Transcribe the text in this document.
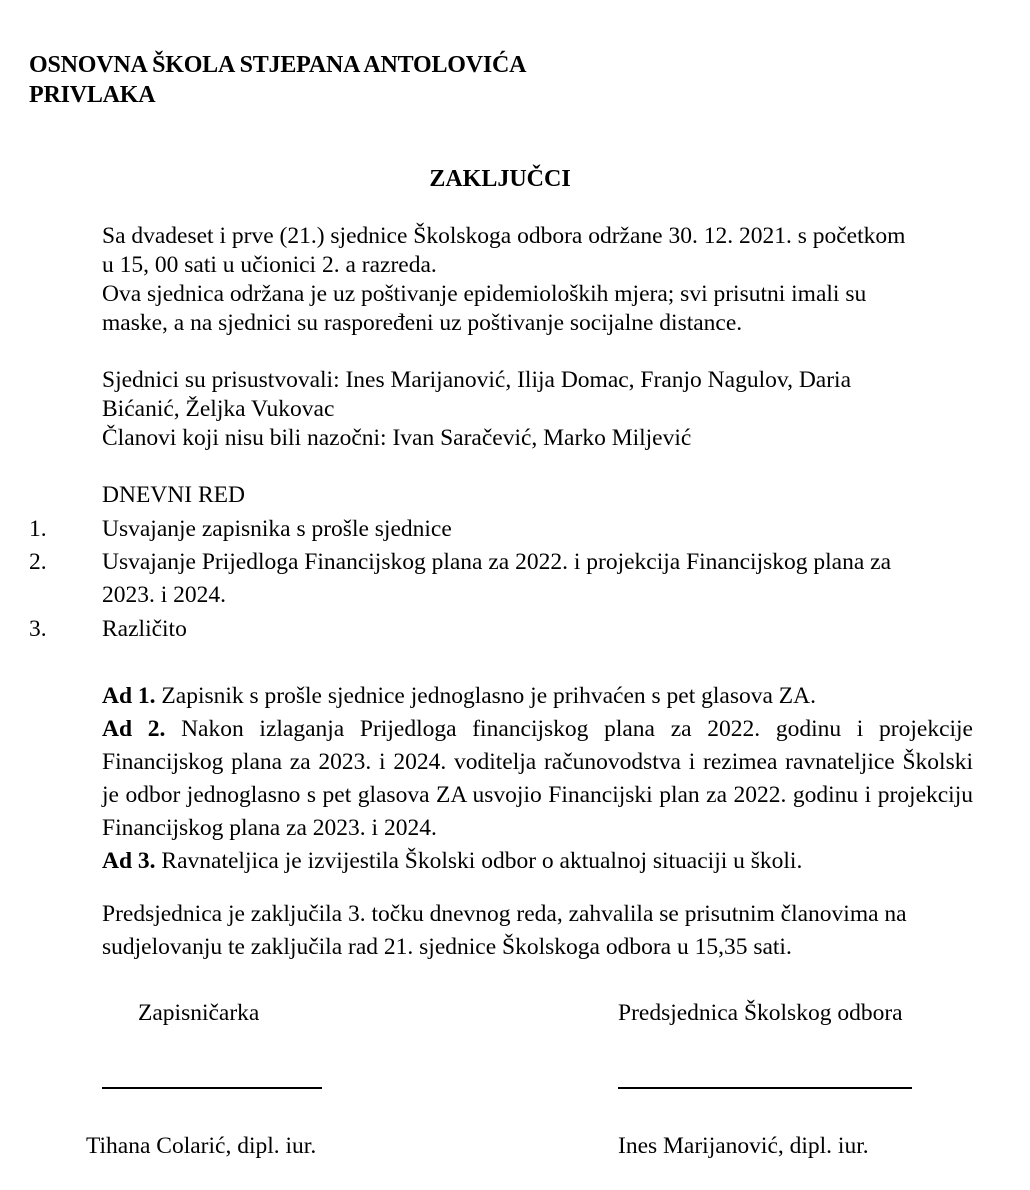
OSNOVNA ŠKOLA STJEPANA ANTOLOVIĆA
PRIVLAKA
ZAKLJUČCI

Sa dvadeset i prve (21.) sjednice Školskoga odbora održane 30. 12. 2021. s početkom

u 15, 00 sati u učionici 2. a razreda.

Ova sjednica održana je uz poštivanje epidemioloških mjera; svi prisutni imali su

maske, a na sjednici su raspoređeni uz poštivanje socijalne distance.

Sjednici su prisustvovali: Ines Marijanović, Ilija Domac, Franjo Nagulov, Daria

Bićanić, Željka Vukovac

Članovi koji nisu bili nazočni: Ivan Saračević, Marko Miljević

DNEVNI RED
1. Usvajanje zapisnika s prošle sjednice
2. Usvajanje Prijedloga Financijskog plana za 2022. i projekcija Financijskog plana za
2023. i 2024.
3. Različito

Ad 1. Zapisnik s prošle sjednice jednoglasno je prihvaćen s pet glasova ZA.

Ad 2. Nakon izlaganja Prijedloga financijskog plana za 2022. godinu i projekcije Financijskog plana za 2023. i 2024. voditelja računovodstva i rezimea ravnateljice Školski je odbor jednoglasno s pet glasova ZA usvojio Financijski plan za 2022. godinu i projekciju Financijskog plana za 2023. i 2024.

Ad 3. Ravnateljica je izvijestila Školski odbor o aktualnoj situaciji u školi.

Predsjednica je zaključila 3. točku dnevnog reda, zahvalila se prisutnim članovima na

sudjelovanju te zaključila rad 21. sjednice Školskoga odbora u 15,35 sati.

Zapisničarka	Predsjednica Školskog odbora
Tihana Colarić, dipl. iur.	Ines Marijanović, dipl. iur.
